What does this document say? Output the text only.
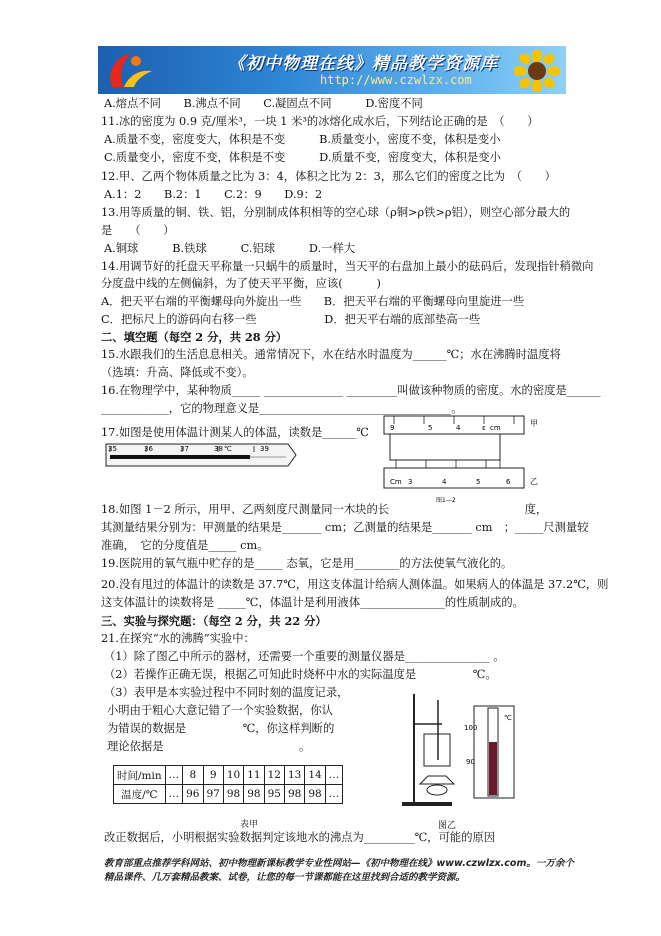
《初中物理在线》精品教学资源库
http://www.czwlzx.com
A.熔点不同　　B.沸点不同　　C.凝固点不同　　　D.密度不同
11.冰的密度为 0.9 克/厘米³，一块 1 米³的冰熔化成水后，下列结论正确的是　（　　）
A.质量不变，密度变大，体积是不变　　　B.质量变小，密度不变，体积是变小
C.质量变小，密度不变，体积是不变　　　D.质量不变，密度变大，体积是变小
12.甲、乙两个物体质量之比为 3：4，体积之比为 2：3，那么它们的密度之比为　（　　）
A.1：2　　B.2：1　　C.2：9　　D.9：2
13.用等质量的铜、铁、铝，分别制成体积相等的空心球（ρ铜>ρ铁>ρ铝），则空心部分最大的
是　　（　　）
A.铜球　　　B.铁球　　　C.铝球　　　D.一样大
14.用调节好的托盘天平称量一只蜗牛的质量时，当天平的右盘加上最小的砝码后，发现指针稍微向
分度盘中线的左侧偏斜，为了使天平平衡，应该(　　　)
A．把天平右端的平衡螺母向外旋出一些　　B．把天平右端的平衡螺母向里旋进一些
C．把标尺上的游码向右移一些　　　　　　D．把天平右端的底部垫高一些
二、填空题（每空 2 分，共 28 分）
15.水跟我们的生活息息相关。通常情况下，水在结水时温度为______℃；水在沸腾时温度将
（选填：升高、降低或不变）。
16.在物理学中，某种物质_____ ______________ _________叫做该种物质的密度。水的密度是______
____________，它的物理意义是__________________________________。
17.如图是使用体温计测某人的体温，读数是______℃
18.如图 1－2 所示，用甲、乙两刻度尺测量同一木块的长　　　　　　　　　　　　度，
其测量结果分别为：甲测量的结果是_______ cm；乙测量的结果是_______ cm　；_____尺测量较
准确，　它的分度值是_____ cm。
19.医院用的氧气瓶中贮存的是_____ 态氧，它是用________的方法使氧气液化的。
20.没有甩过的体温计的读数是 37.7℃，用这支体温计给病人测体温。如果病人的体温是 37.2℃，则
这支体温计的读数将是 _____℃，体温计是利用液体_______________的性质制成的。
三、实验与探究题：（每空 2 分，共 22 分）
21.在探究“水的沸腾”实验中：
（1）除了图乙中所示的器材，还需要一个重要的测量仪器是_______________ 。
（2）若操作正确无误，根据乙可知此时烧杯中水的实际温度是　　　　　℃。
（3）表甲是本实验过程中不同时刻的温度记录，
小明由于粗心大意记错了一个实验数据，你认
为错误的数据是　　　　　℃，你这样判断的
理论依据是　　　　　　　　　　　　。
改正数据后，小明根据实验数据判定该地水的沸点为_________℃，可能的原因
35	36	37	38 ℃	39
9	5	4	ɛ cm	甲
Cm 3	4	5	6 乙
图1—2
100
90
℃
图乙
时间/min	…	8	9	10	11	12	13	14	…
温度/℃	…	96	97	98	98	95	98	98	…
表甲
教育部重点推荐学科网站、初中物理新课标教学专业性网站—《初中物理在线》www.czwlzx.com。一万余个精品课件、几万套精品教案、试卷，让您的每一节课都能在这里找到合适的教学资源。
